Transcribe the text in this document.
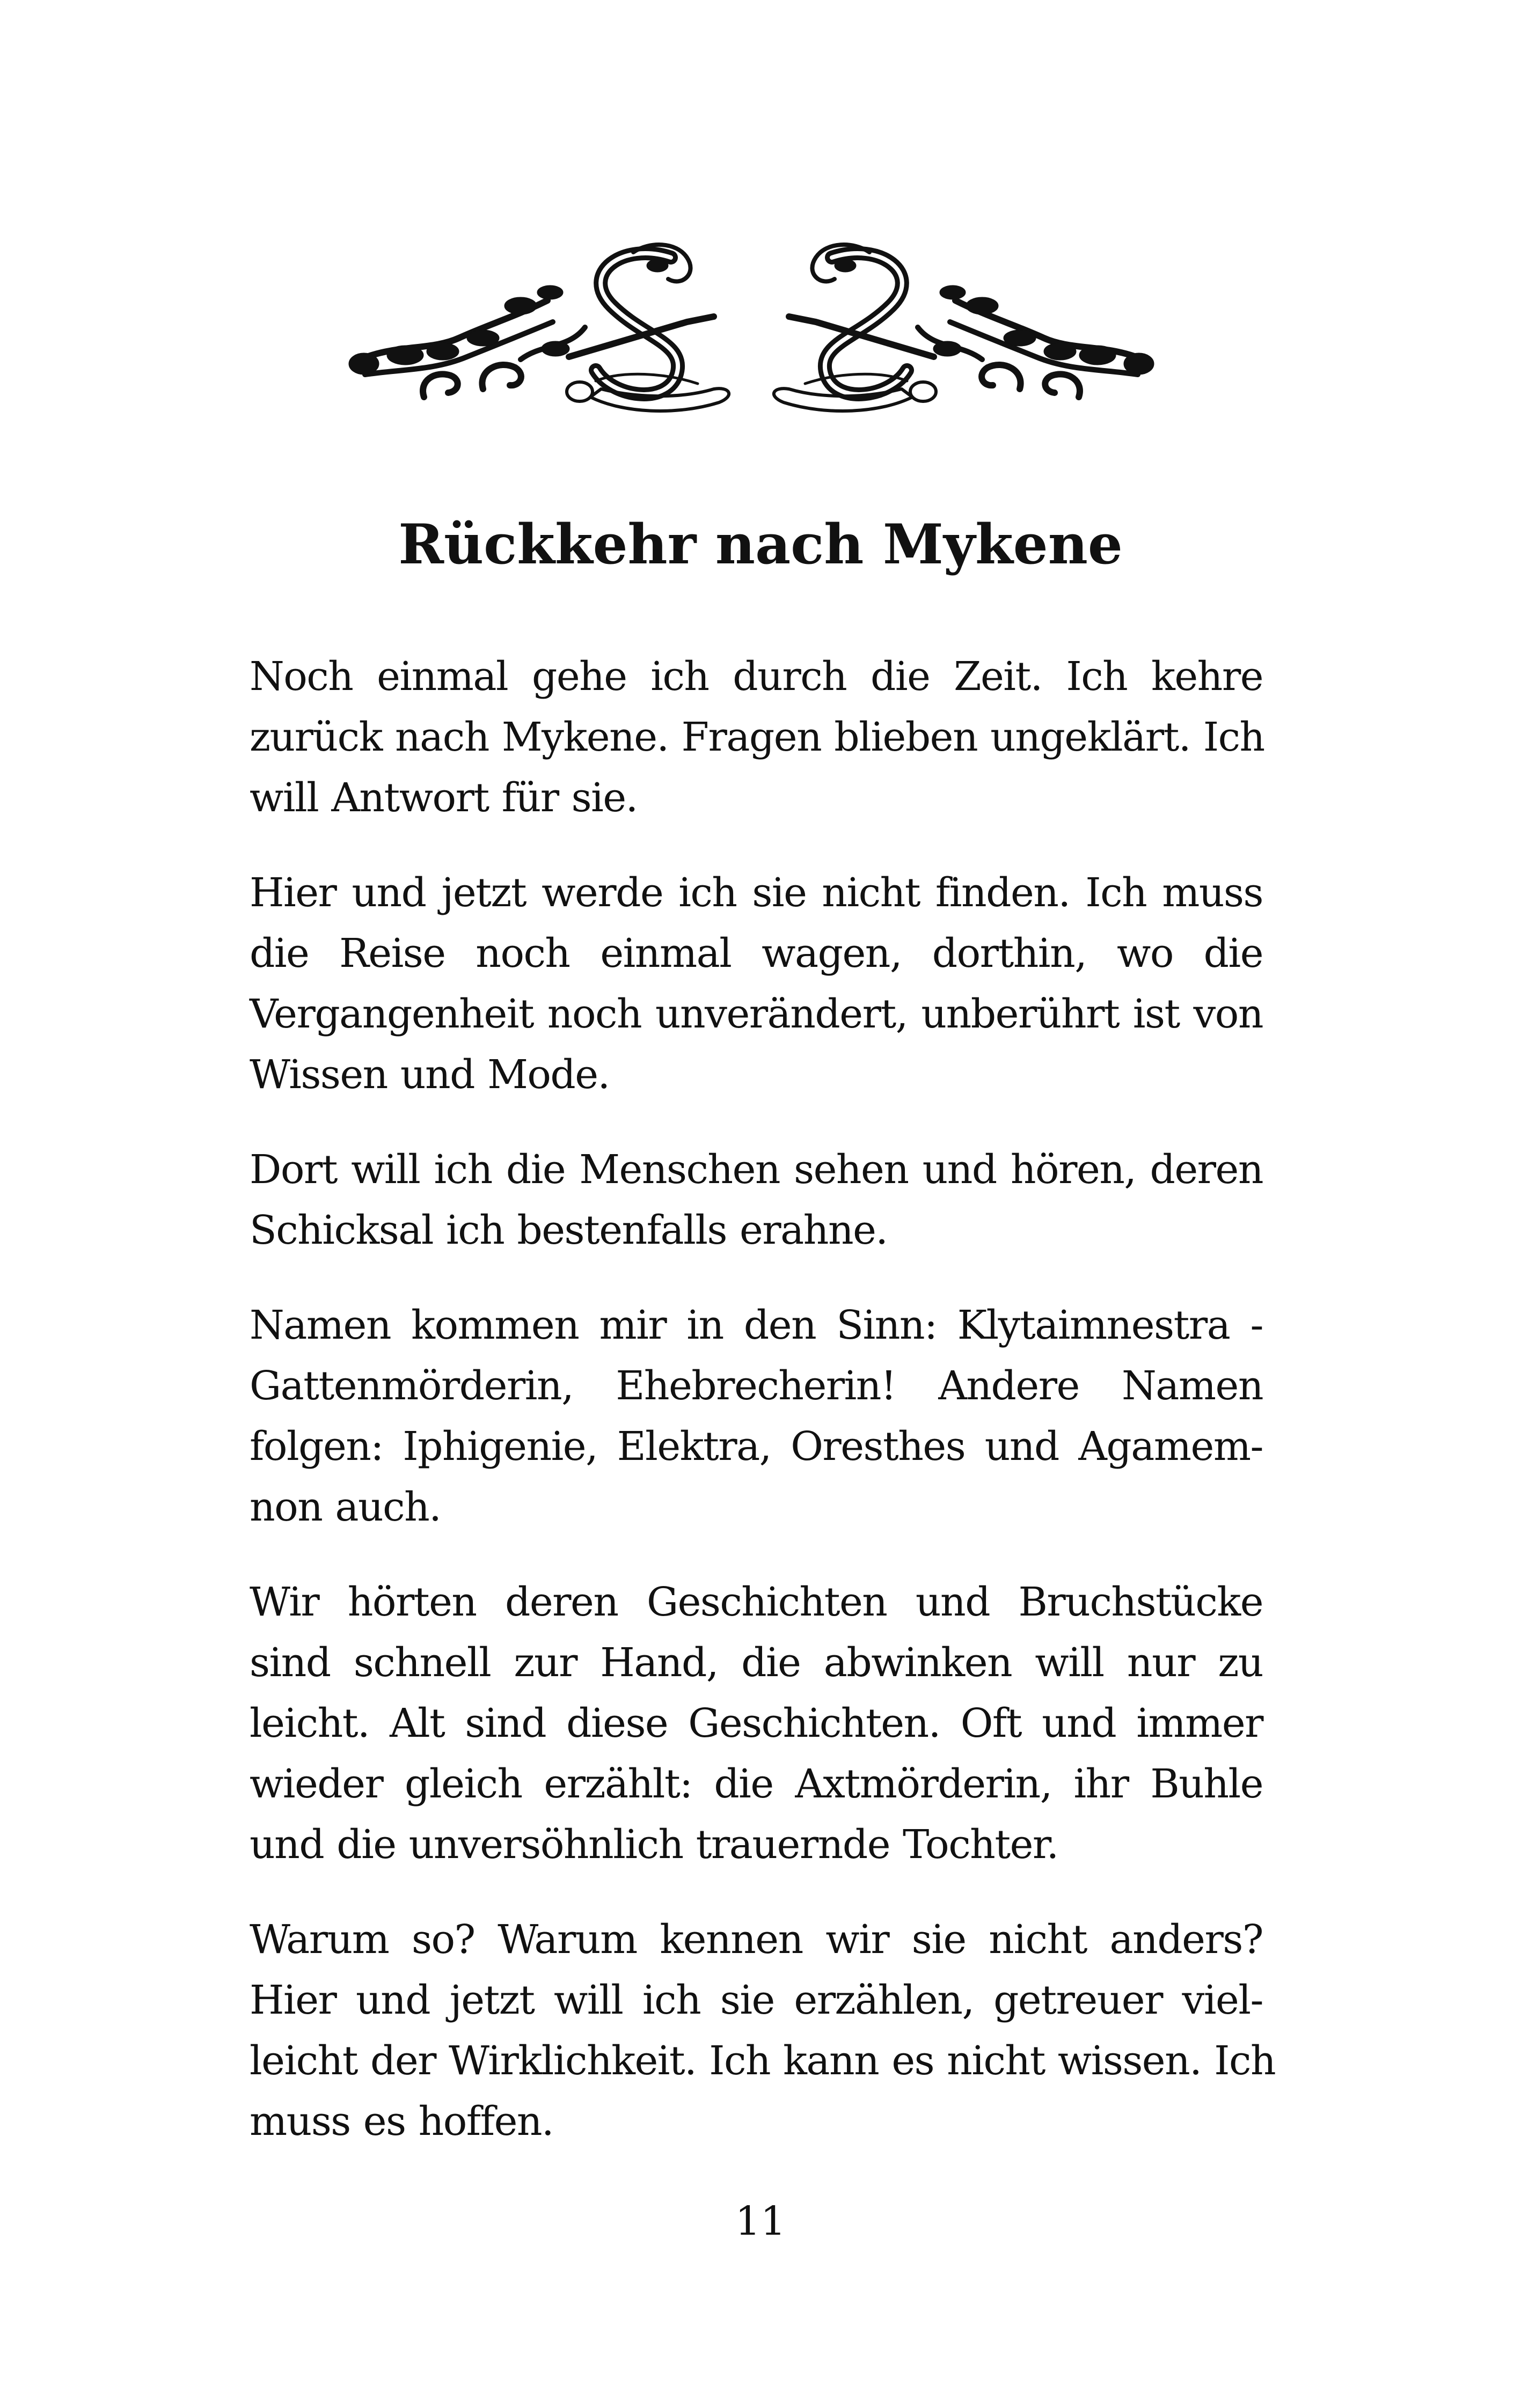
Rückkehr nach Mykene

Noch einmal gehe ich durch die Zeit. Ich kehre
zurück nach Mykene. Fragen blieben ungeklärt. Ich
will Antwort für sie.

Hier und jetzt werde ich sie nicht finden. Ich muss
die Reise noch einmal wagen, dorthin, wo die
Vergangenheit noch unverändert, unberührt ist von
Wissen und Mode.

Dort will ich die Menschen sehen und hören, deren
Schicksal ich bestenfalls erahne.

Namen kommen mir in den Sinn: Klytaimnestra -
Gattenmörderin, Ehebrecherin! Andere Namen
folgen: Iphigenie, Elektra, Oresthes und Agamem-
non auch.

Wir hörten deren Geschichten und Bruchstücke
sind schnell zur Hand, die abwinken will nur zu
leicht. Alt sind diese Geschichten. Oft und immer
wieder gleich erzählt: die Axtmörderin, ihr Buhle
und die unversöhnlich trauernde Tochter.

Warum so? Warum kennen wir sie nicht anders?
Hier und jetzt will ich sie erzählen, getreuer viel-
leicht der Wirklichkeit. Ich kann es nicht wissen. Ich
muss es hoffen.

11
